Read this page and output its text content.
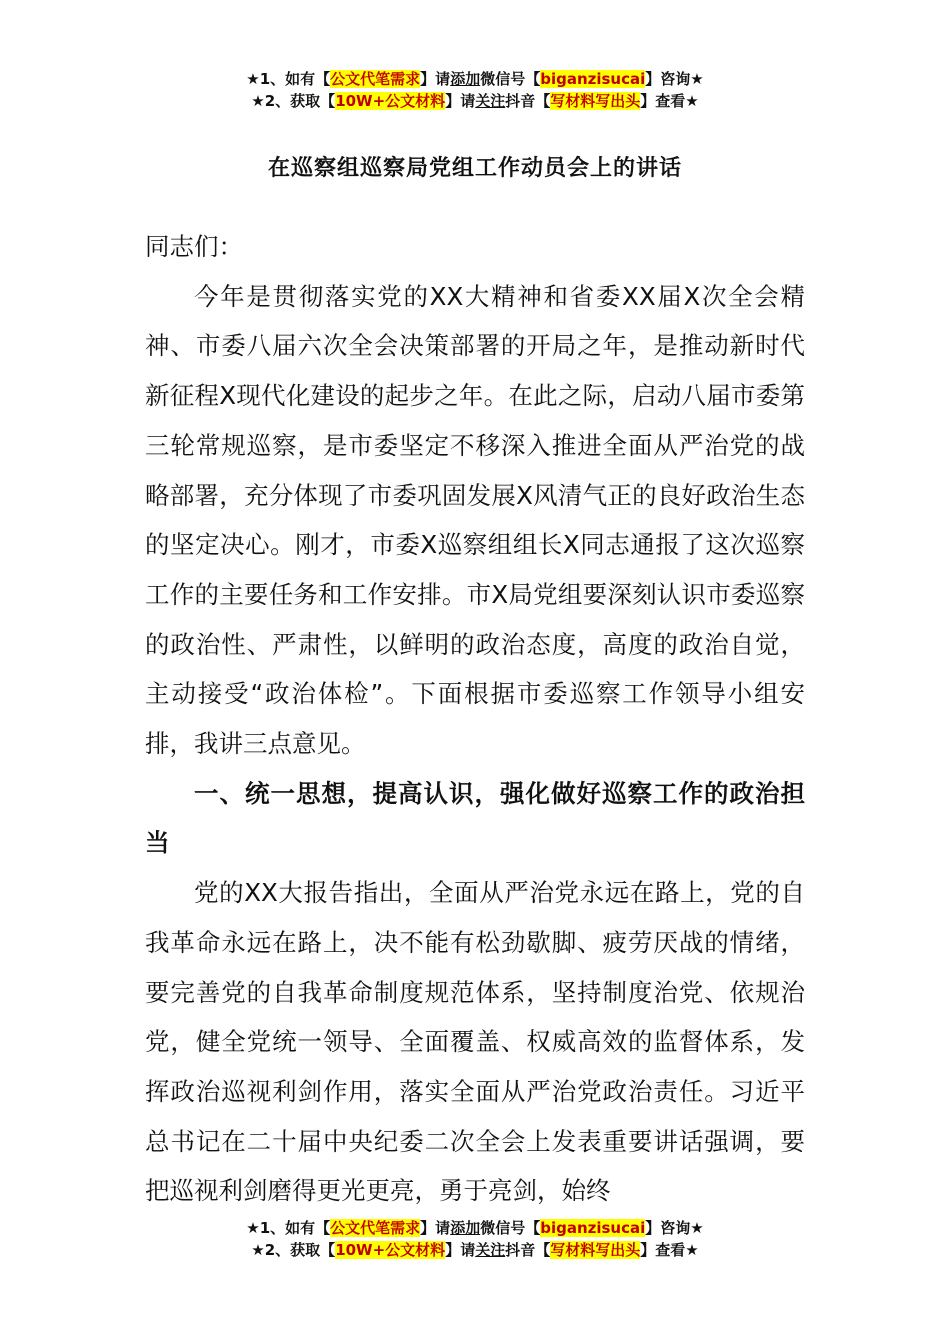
★1、如有【公文代笔需求】请添加微信号【biganzisucai】咨询★
★2、获取【10W+公文材料】请关注抖音【写材料写出头】查看★
在巡察组巡察局党组工作动员会上的讲话

同志们：

今年是贯彻落实党的XX大精神和省委XX届X次全会精神、市委八届六次全会决策部署的开局之年，是推动新时代新征程X现代化建设的起步之年。在此之际，启动八届市委第三轮常规巡察，是市委坚定不移深入推进全面从严治党的战略部署，充分体现了市委巩固发展X风清气正的良好政治生态的坚定决心。刚才，市委X巡察组组长X同志通报了这次巡察工作的主要任务和工作安排。市X局党组要深刻认识市委巡察的政治性、严肃性，以鲜明的政治态度，高度的政治自觉，主动接受“政治体检”。下面根据市委巡察工作领导小组安排，我讲三点意见。

一、统一思想，提高认识，强化做好巡察工作的政治担当

党的XX大报告指出，全面从严治党永远在路上，党的自我革命永远在路上，决不能有松劲歇脚、疲劳厌战的情绪，要完善党的自我革命制度规范体系，坚持制度治党、依规治党，健全党统一领导、全面覆盖、权威高效的监督体系，发挥政治巡视利剑作用，落实全面从严治党政治责任。习近平总书记在二十届中央纪委二次全会上发表重要讲话强调，要把巡视利剑磨得更光更亮，勇于亮剑，始终

★1、如有【公文代笔需求】请添加微信号【biganzisucai】咨询★
★2、获取【10W+公文材料】请关注抖音【写材料写出头】查看★
